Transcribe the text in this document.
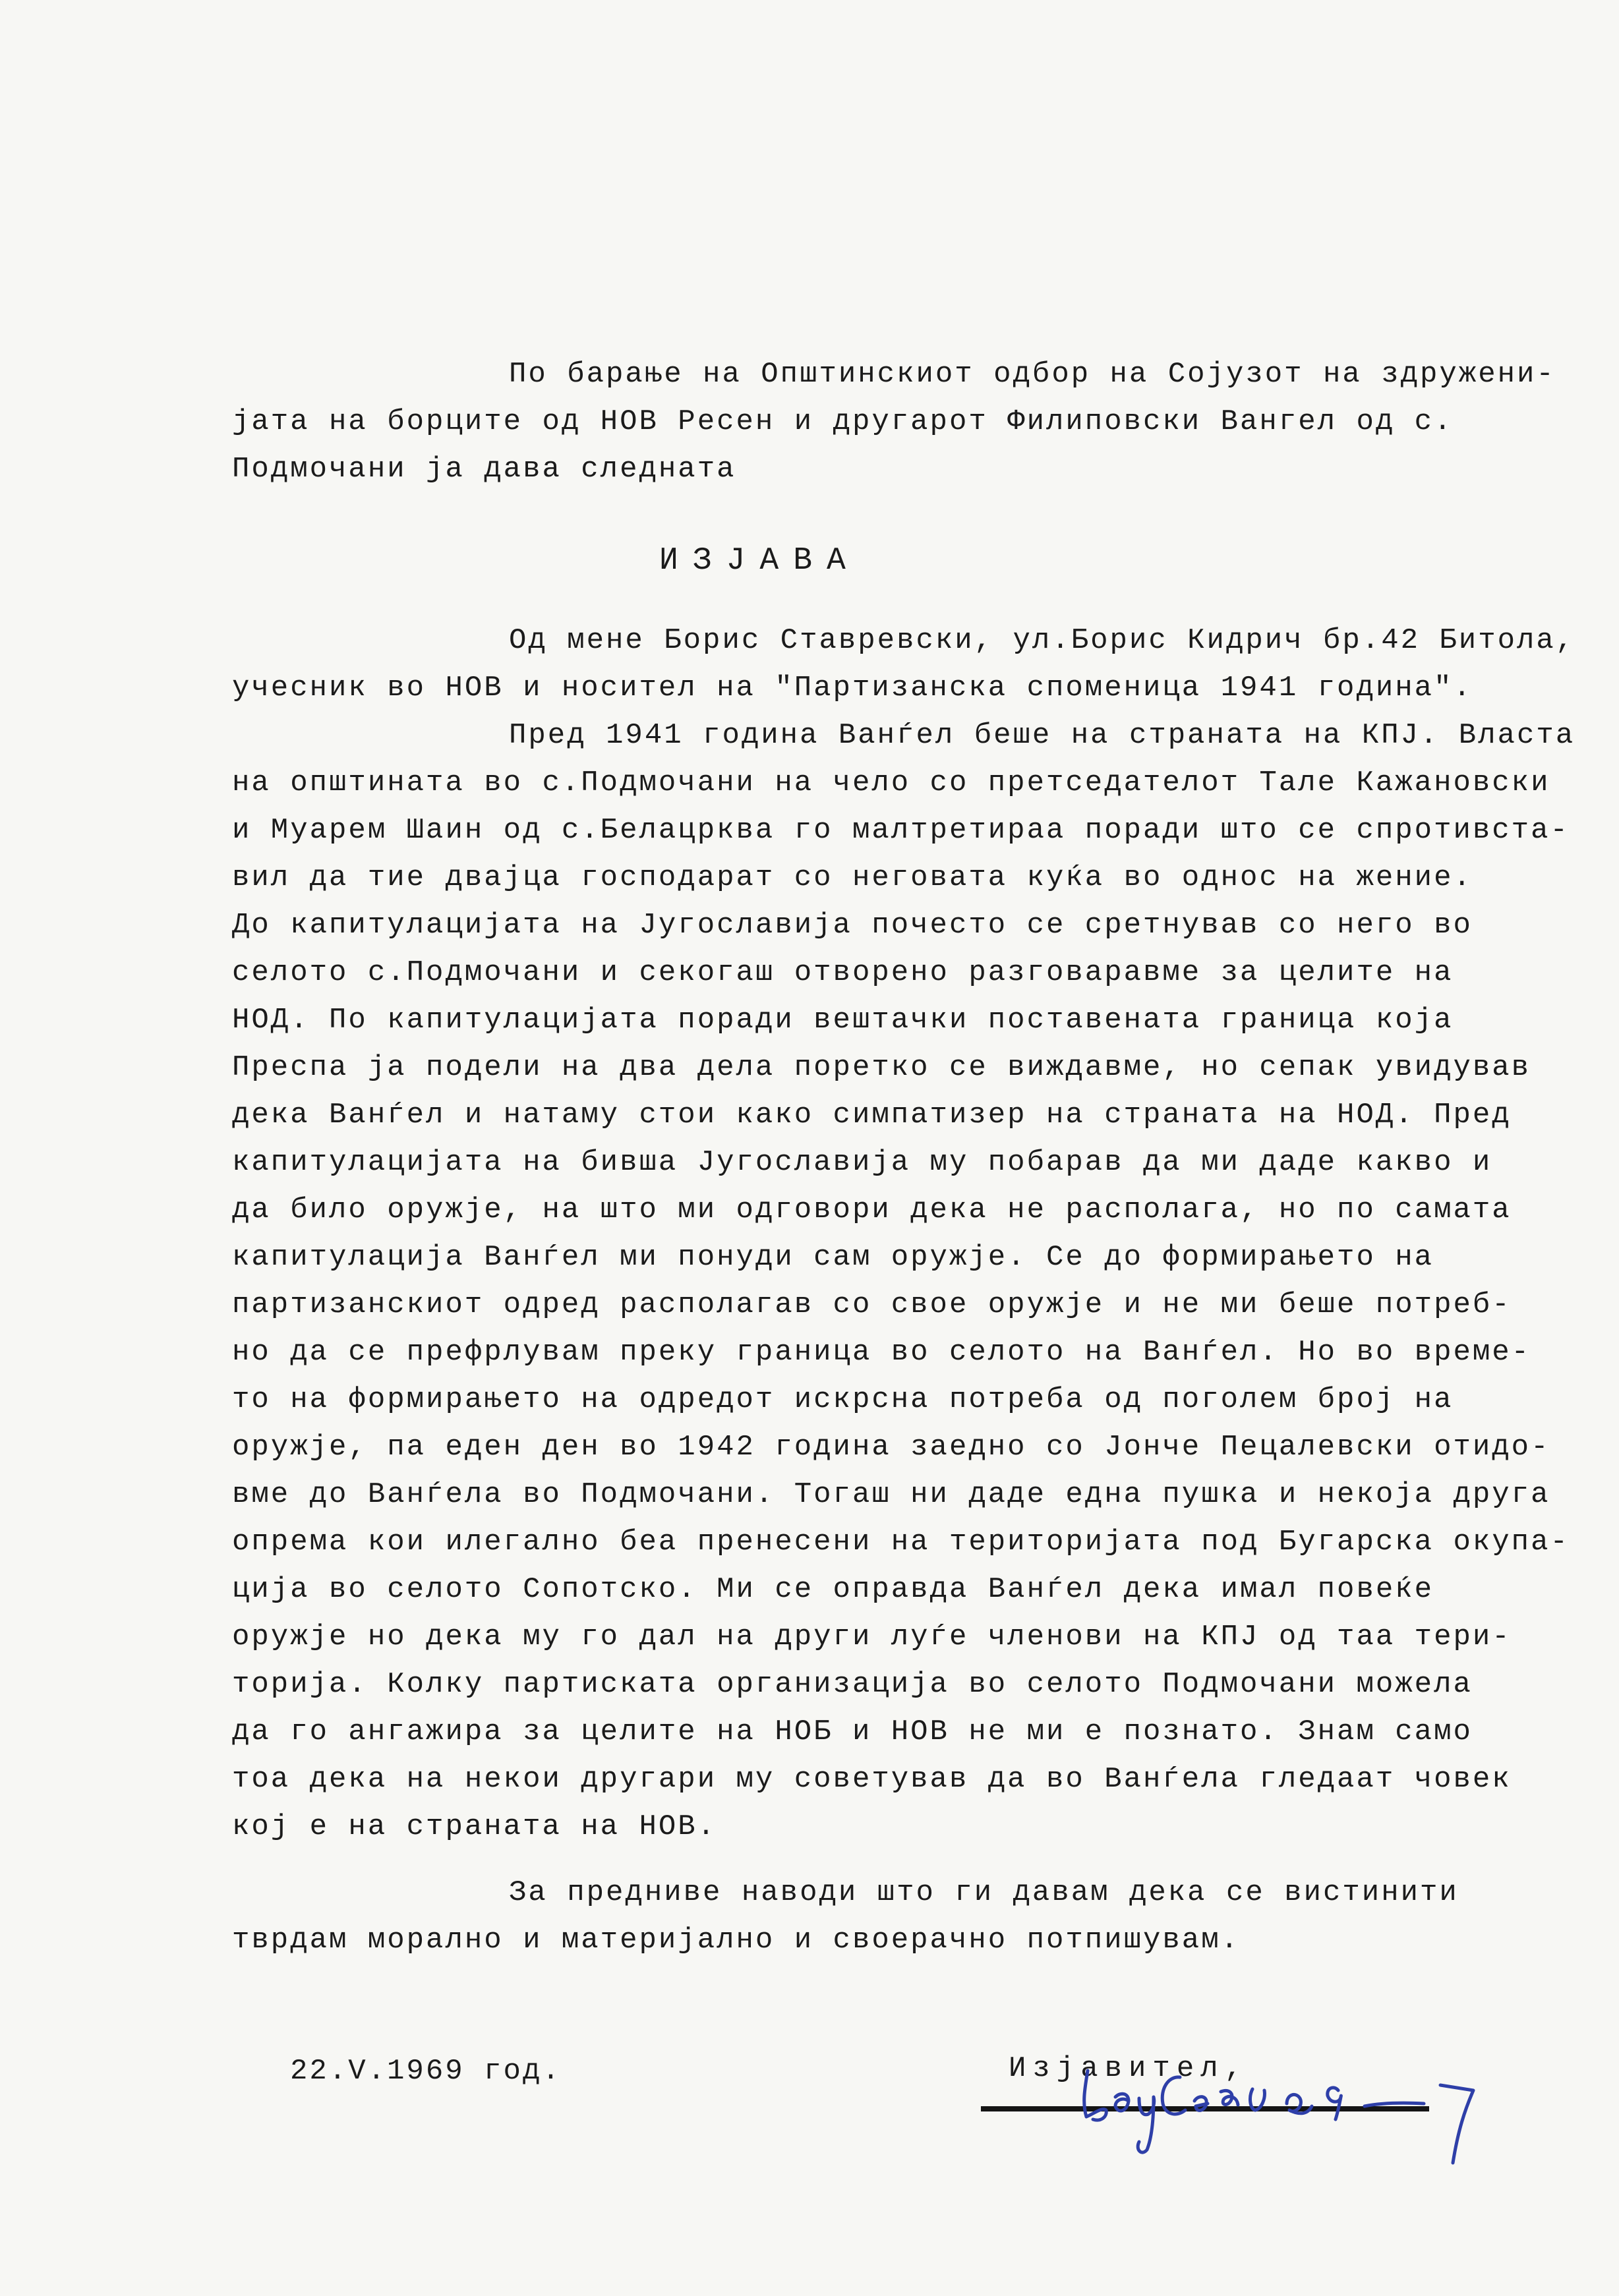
По барање на Општинскиот одбор на Сојузот на здружени-
јата на борците од НОВ Ресен и другарот Филиповски Вангел од с.
Подмочани ја дава следната
ИЗЈАВА
Од мене Борис Ставревски, ул.Борис Кидрич бр.42 Битола,
учесник во НОВ и носител на "Партизанска споменица 1941 година".
Пред 1941 година Ванѓел беше на страната на КПЈ. Власта
на општината во с.Подмочани на чело со претседателот Тале Кажановски
и Муарем Шаин од с.Белацрква го малтретираа поради што се спротивста-
вил да тие двајца господарат со неговата куќа во однос на жение.
До капитулацијата на Југославија почесто се сретнував со него во
селото с.Подмочани и секогаш отворено разговаравме за целите на
НОД. По капитулацијата поради вештачки поставената граница која
Преспа ја подели на два дела поретко се виждавме, но сепак увидував
дека Ванѓел и натаму стои како симпатизер на страната на НОД. Пред
капитулацијата на бивша Југославија му побарав да ми даде какво и
да било оружје, на што ми одговори дека не располага, но по самата
капитулација Ванѓел ми понуди сам оружје. Се до формирањето на
партизанскиот одред располагав со свое оружје и не ми беше потреб-
но да се префрлувам преку граница во селото на Ванѓел. Но во време-
то на формирањето на одредот искрсна потреба од поголем број на
оружје, па еден ден во 1942 година заедно со Јонче Пецалевски отидо-
вме до Ванѓела во Подмочани. Тогаш ни даде една пушка и некоја друга
опрема кои илегално беа пренесени на територијата под Бугарска окупа-
ција во селото Сопотско. Ми се оправда Ванѓел дека имал повеќе
оружје но дека му го дал на други луѓе членови на КПЈ од таа тери-
торија. Колку партиската организација во селото Подмочани можела
да го ангажира за целите на НОБ и НОВ не ми е познато. Знам само
тоа дека на некои другари му советував да во Ванѓела гледаат човек
кој е на страната на НОВ.
За предниве наводи што ги давам дека се вистинити
тврдам морално и материјално и своерачно потпишувам.
22.V.1969 год.	Изјавител,
